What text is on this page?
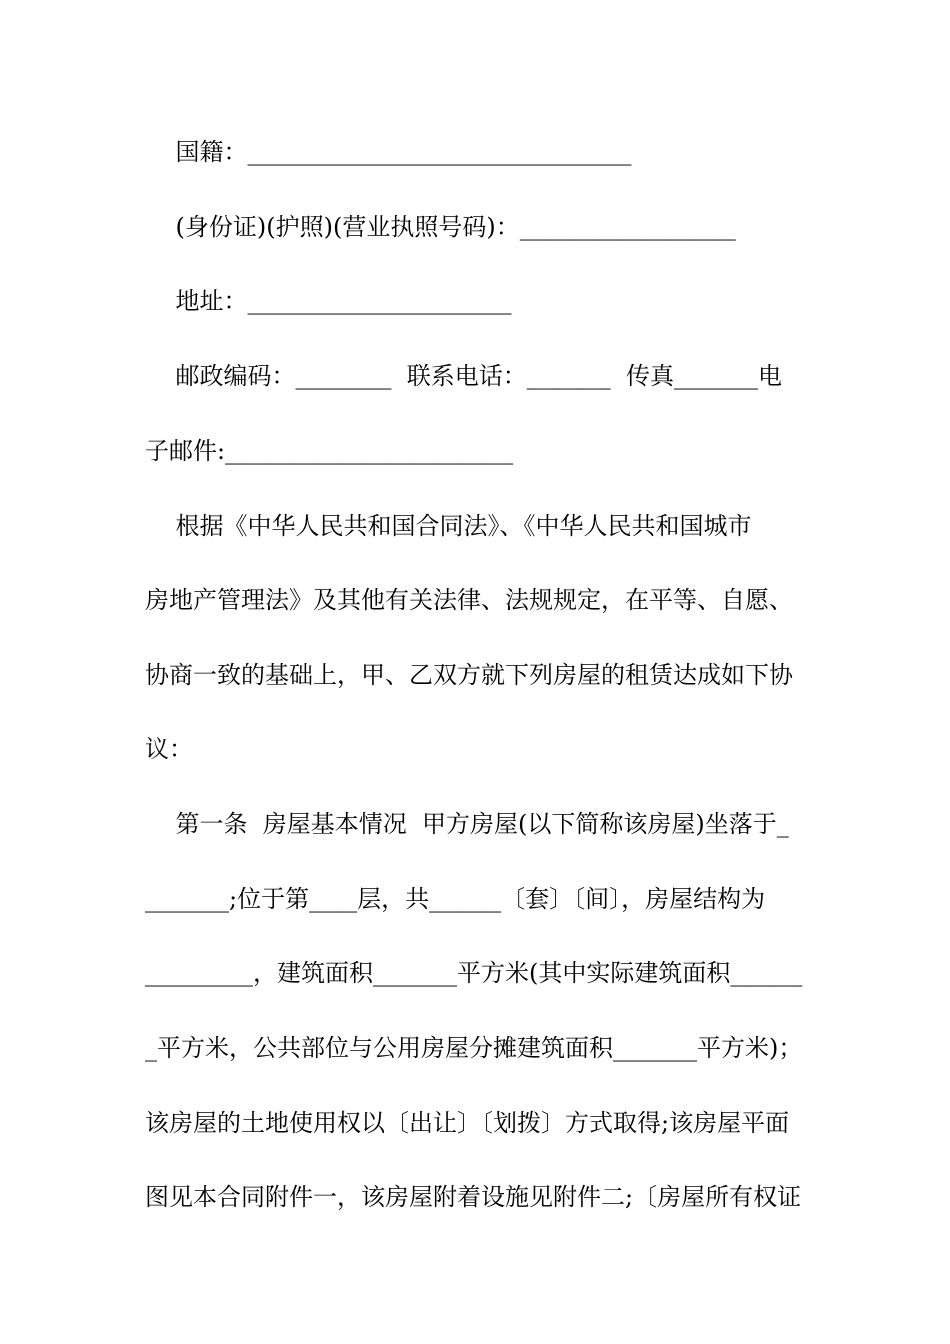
国籍：________________________________
(身份证)(护照)(营业执照号码)：__________________
地址：______________________
邮政编码：________  联系电话：_______  传真_______电
子邮件:________________________
根据《中华人民共和国合同法》、《中华人民共和国城市
房地产管理法》及其他有关法律、法规规定，在平等、自愿、
协商一致的基础上，甲、乙双方就下列房屋的租赁达成如下协
议：
第一条  房屋基本情况  甲方房屋(以下简称该房屋)坐落于_
_______;位于第____层，共______〔套〕〔间〕，房屋结构为
_________，建筑面积_______平方米(其中实际建筑面积______
_平方米，公共部位与公用房屋分摊建筑面积_______平方米)；
该房屋的土地使用权以〔出让〕〔划拨〕方式取得;该房屋平面
图见本合同附件一，该房屋附着设施见附件二;〔房屋所有权证
